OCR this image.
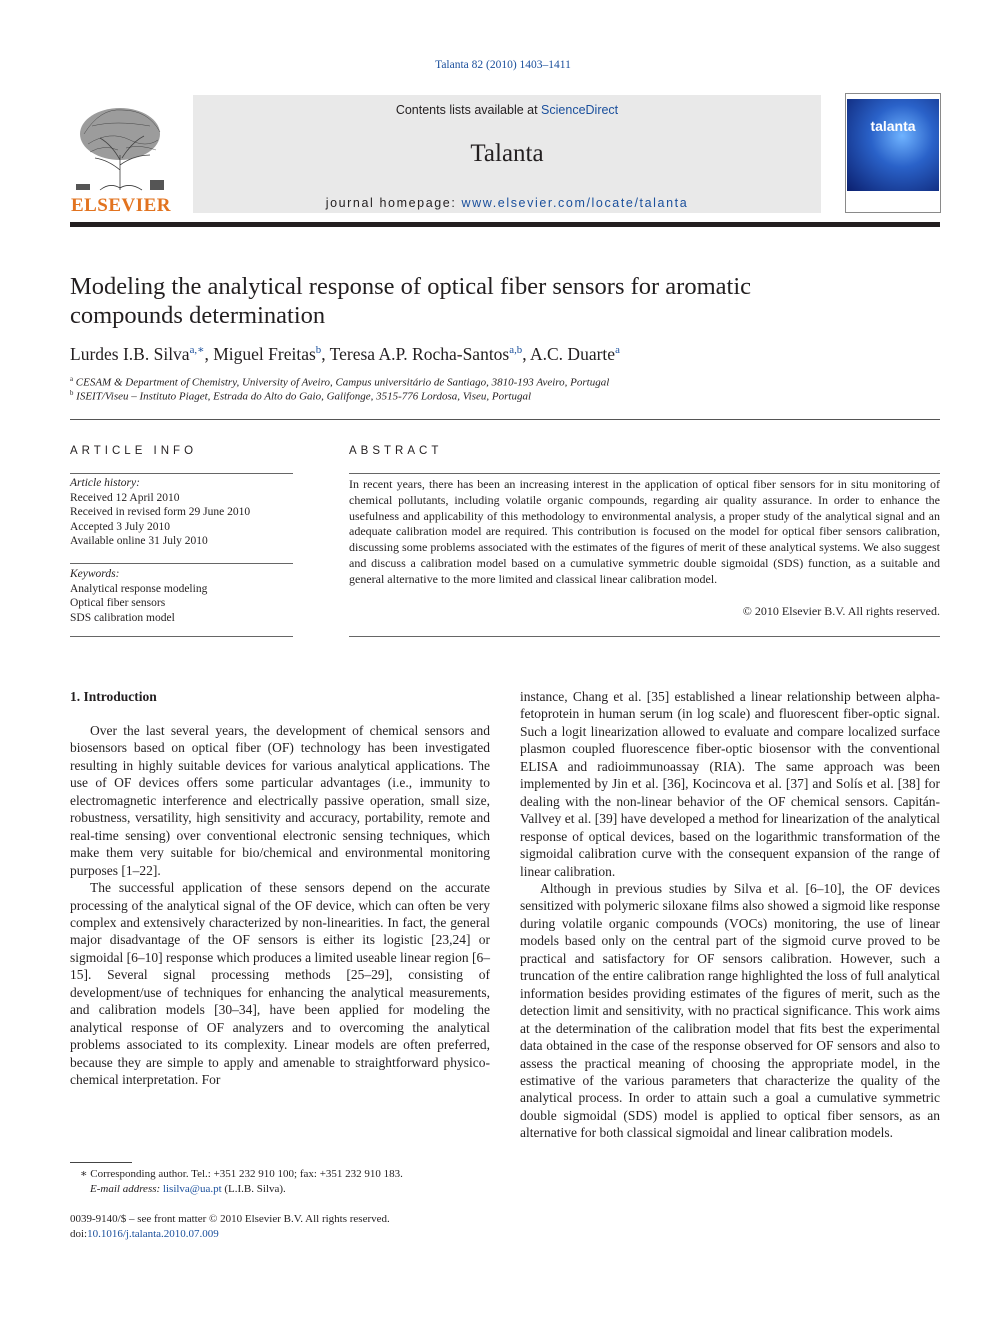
Talanta 82 (2010) 1403–1411
ELSEVIER
Contents lists available at ScienceDirect
Talanta
journal homepage: www.elsevier.com/locate/talanta
talanta
Modeling the analytical response of optical fiber sensors for aromatic compounds determination
Lurdes I.B. Silva$^{a,∗}$, Miguel Freitas$^b$, Teresa A.P. Rocha-Santos$^{a,b}$, A.C. Duarte$^a$
$^a$ CESAM & Department of Chemistry, University of Aveiro, Campus universitário de Santiago, 3810-193 Aveiro, Portugal
$^b$ ISEIT/Viseu – Instituto Piaget, Estrada do Alto do Gaio, Galifonge, 3515-776 Lordosa, Viseu, Portugal
ARTICLE INFO
Article history:
Received 12 April 2010
Received in revised form 29 June 2010
Accepted 3 July 2010
Available online 31 July 2010
Keywords:
Analytical response modeling
Optical fiber sensors
SDS calibration model
ABSTRACT
In recent years, there has been an increasing interest in the application of optical fiber sensors for in situ monitoring of chemical pollutants, including volatile organic compounds, regarding air quality assurance. In order to enhance the usefulness and applicability of this methodology to environmental analysis, a proper study of the analytical signal and an adequate calibration model are required. This contribution is focused on the model for optical fiber sensors calibration, discussing some problems associated with the estimates of the figures of merit of these analytical systems. We also suggest and discuss a calibration model based on a cumulative symmetric double sigmoidal (SDS) function, as a suitable and general alternative to the more limited and classical linear calibration model.
© 2010 Elsevier B.V. All rights reserved.
1. Introduction

Over the last several years, the development of chemical sensors and biosensors based on optical fiber (OF) technology has been investigated resulting in highly suitable devices for various analytical applications. The use of OF devices offers some particular advantages (i.e., immunity to electromagnetic interference and electrically passive operation, small size, robustness, versatility, high sensitivity and accuracy, portability, remote and real-time sensing) over conventional electronic sensing techniques, which make them very suitable for bio/chemical and environmental monitoring purposes [1–22].

The successful application of these sensors depend on the accurate processing of the analytical signal of the OF device, which can often be very complex and extensively characterized by non-linearities. In fact, the general major disadvantage of the OF sensors is either its logistic [23,24] or sigmoidal [6–10] response which produces a limited useable linear region [6–15]. Several signal processing methods [25–29], consisting of development/use of techniques for enhancing the analytical measurements, and calibration models [30–34], have been applied for modeling the analytical response of OF analyzers and to overcoming the analytical problems associated to its complexity. Linear models are often preferred, because they are simple to apply and amenable to straightforward physico-chemical interpretation. For

instance, Chang et al. [35] established a linear relationship between alpha-fetoprotein in human serum (in log scale) and fluorescent fiber-optic signal. Such a logit linearization allowed to evaluate and compare localized surface plasmon coupled fluorescence fiber-optic biosensor with the conventional ELISA and radioimmunoassay (RIA). The same approach was been implemented by Jin et al. [36], Kocincova et al. [37] and Solís et al. [38] for dealing with the non-linear behavior of the OF chemical sensors. Capitán-Vallvey et al. [39] have developed a method for linearization of the analytical response of optical devices, based on the logarithmic transformation of the sigmoidal calibration curve with the consequent expansion of the range of linear calibration.

Although in previous studies by Silva et al. [6–10], the OF devices sensitized with polymeric siloxane films also showed a sigmoid like response during volatile organic compounds (VOCs) monitoring, the use of linear models based only on the central part of the sigmoid curve proved to be practical and satisfactory for OF sensors calibration. However, such a truncation of the entire calibration range highlighted the loss of full analytical information besides providing estimates of the figures of merit, such as the detection limit and sensitivity, with no practical significance. This work aims at the determination of the calibration model that fits best the experimental data obtained in the case of the response observed for OF sensors and also to assess the practical meaning of choosing the appropriate model, in the estimative of the various parameters that characterize the quality of the analytical process. In order to attain such a goal a cumulative symmetric double sigmoidal (SDS) model is applied to optical fiber sensors, as an alternative for both classical sigmoidal and linear calibration models.

∗ Corresponding author. Tel.: +351 232 910 100; fax: +351 232 910 183.
E-mail address: lisilva@ua.pt (L.I.B. Silva).
0039-9140/$ – see front matter © 2010 Elsevier B.V. All rights reserved.
doi:10.1016/j.talanta.2010.07.009
